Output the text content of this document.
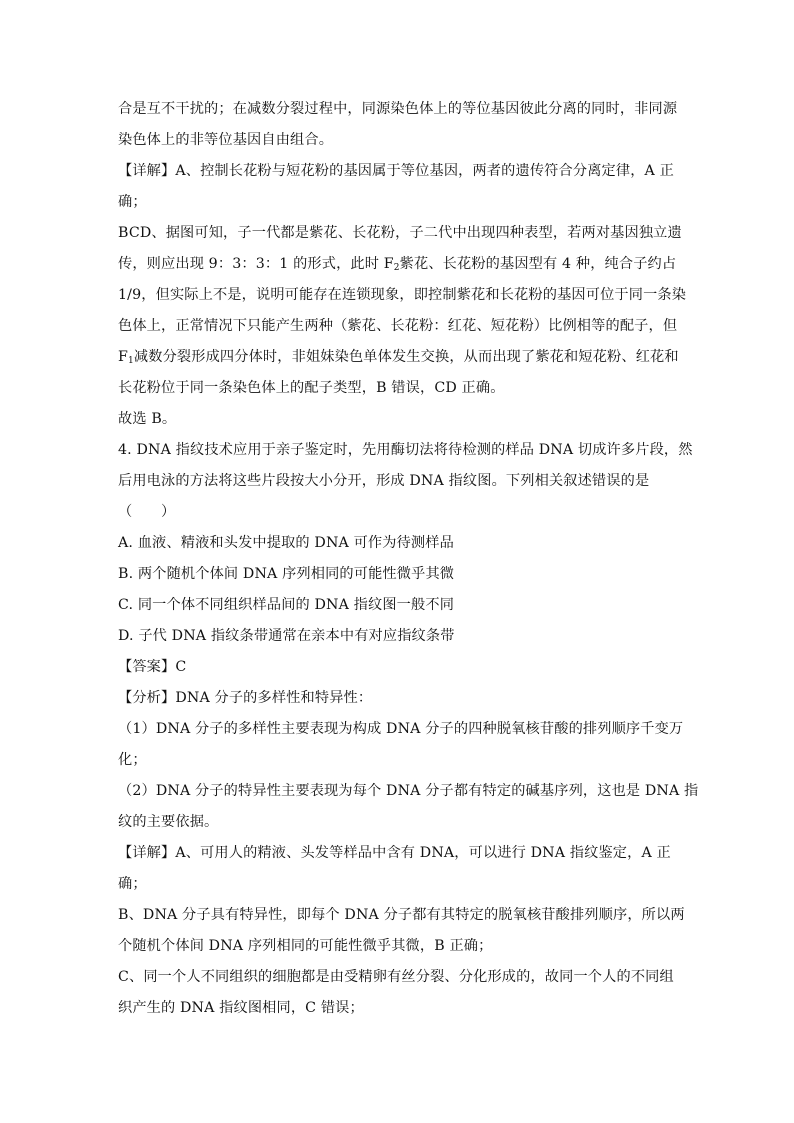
合是互不干扰的；在减数分裂过程中，同源染色体上的等位基因彼此分离的同时，非同源
染色体上的非等位基因自由组合。
【详解】A、控制长花粉与短花粉的基因属于等位基因，两者的遗传符合分离定律，A 正
确；
BCD、据图可知，子一代都是紫花、长花粉，子二代中出现四种表型，若两对基因独立遗
传，则应出现 9：3：3：1 的形式，此时 $F_2$紫花、长花粉的基因型有 4 种，纯合子约占
1/9，但实际上不是，说明可能存在连锁现象，即控制紫花和长花粉的基因可位于同一条染
色体上，正常情况下只能产生两种（紫花、长花粉：红花、短花粉）比例相等的配子，但
$F_1$减数分裂形成四分体时，非姐妹染色单体发生交换，从而出现了紫花和短花粉、红花和
长花粉位于同一条染色体上的配子类型，B 错误，CD 正确。
故选 B。
4. DNA 指纹技术应用于亲子鉴定时，先用酶切法将待检测的样品 DNA 切成许多片段，然
后用电泳的方法将这些片段按大小分开，形成 DNA 指纹图。下列相关叙述错误的是
（　　）
A. 血液、精液和头发中提取的 DNA 可作为待测样品
B. 两个随机个体间 DNA 序列相同的可能性微乎其微
C. 同一个体不同组织样品间的 DNA 指纹图一般不同
D. 子代 DNA 指纹条带通常在亲本中有对应指纹条带
【答案】C
【分析】DNA 分子的多样性和特异性：
（1）DNA 分子的多样性主要表现为构成 DNA 分子的四种脱氧核苷酸的排列顺序千变万
化；
（2）DNA 分子的特异性主要表现为每个 DNA 分子都有特定的碱基序列，这也是 DNA 指
纹的主要依据。
【详解】A、可用人的精液、头发等样品中含有 DNA，可以进行 DNA 指纹鉴定，A 正
确；
B、DNA 分子具有特异性，即每个 DNA 分子都有其特定的脱氧核苷酸排列顺序，所以两
个随机个体间 DNA 序列相同的可能性微乎其微，B 正确；
C、同一个人不同组织的细胞都是由受精卵有丝分裂、分化形成的，故同一个人的不同组
织产生的 DNA 指纹图相同，C 错误；
